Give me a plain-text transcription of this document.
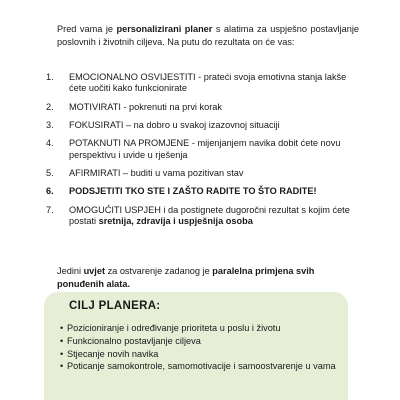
Pred vama je personalizirani planer s alatima za uspješno postavljanje poslovnih i životnih ciljeva. Na putu do rezultata on će vas:

1.	EMOCIONALNO OSVIJESTITI - pratеći svoja emotivna stanja lakše ćete uočiti kako funkcionirate
2.	MOTIVIRATI - pokrenuti na prvi korak
3.	FOKUSIRATI – na dobro u svakoj izazovnoj situaciji
4.	POTAKNUTI NA PROMJENE - mijenjanjem navika dobit ćete novu perspektivu i uvide u rješenja
5.	AFIRMIRATI – buditi u vama pozitivan stav
6.	PODSJETITI TKO STE I ZAŠTO RADITE TO ŠTO RADITE!
7.	OMOGUĆITI USPJEH i da postignete dugoročni rezultat s kojim ćete postati sretnija, zdravija i uspješnija osoba

Jedini uvjet za ostvarenje zadanog je paralelna primjena svih ponuđenih alata.

CILJ PLANERA:
• Pozicioniranje i određivanje prioriteta u poslu i životu
• Funkcionalno postavljanje ciljeva
• Stjecanje novih navika
• Poticanje samokontrole, samomotivacije i samoostvarenje u vama
